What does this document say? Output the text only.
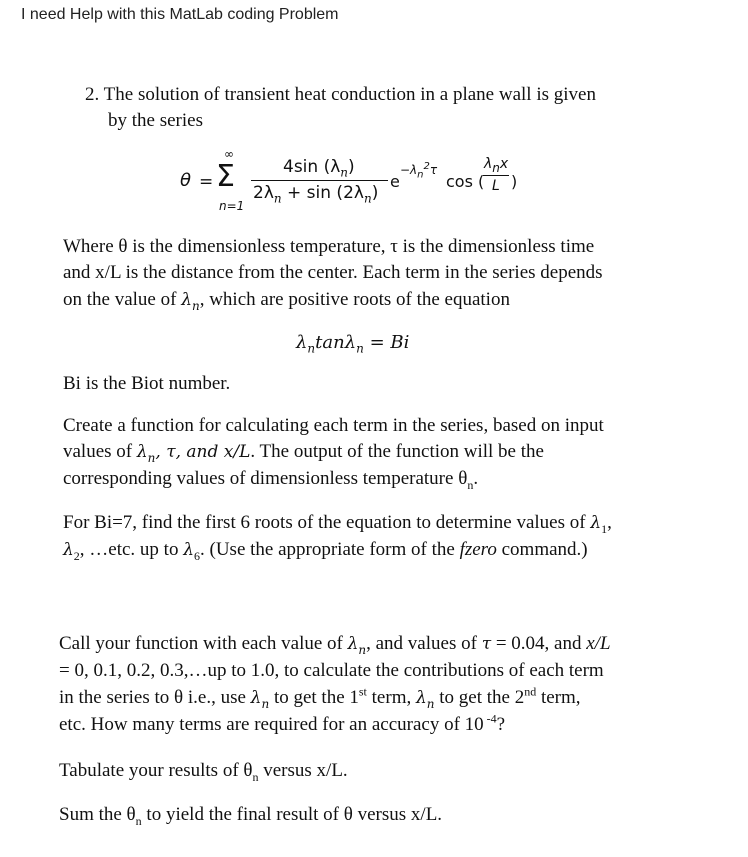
I need Help with this MatLab coding Problem

2. The solution of transient heat conduction in a plane wall is given

by the series

θ = Σ
∞
n=1
4sin $(\lambda_n)$
$2\lambda_n + \sin (2\lambda_n)$
e
$-\lambda_n^2\tau$
cos (
$\lambda_nx$
L )

Where θ is the dimensionless temperature, τ is the dimensionless time

and x/L is the distance from the center. Each term in the series depends

on the value of $\lambda_n$, which are positive roots of the equation

$\lambda_n\tan\lambda_n = Bi$

Bi is the Biot number.

Create a function for calculating each term in the series, based on input

values of $\lambda_n$, τ, and x/L. The output of the function will be the

corresponding values of dimensionless temperature $\theta_n$.

For Bi=7, find the first 6 roots of the equation to determine values of $\lambda_1$,

$\lambda_2$, …etc. up to $\lambda_6$. (Use the appropriate form of the fzero command.)

Call your function with each value of $\lambda_n$, and values of τ = 0.04, and x/L

= 0, 0.1, 0.2, 0.3,…up to 1.0, to calculate the contributions of each term

in the series to θ i.e., use $\lambda_n$ to get the 1st term, $\lambda_n$ to get the 2nd term,

etc. How many terms are required for an accuracy of 10 $^{-4}$?

Tabulate your results of $\theta_n$ versus x/L.

Sum the $\theta_n$ to yield the final result of θ versus x/L.
